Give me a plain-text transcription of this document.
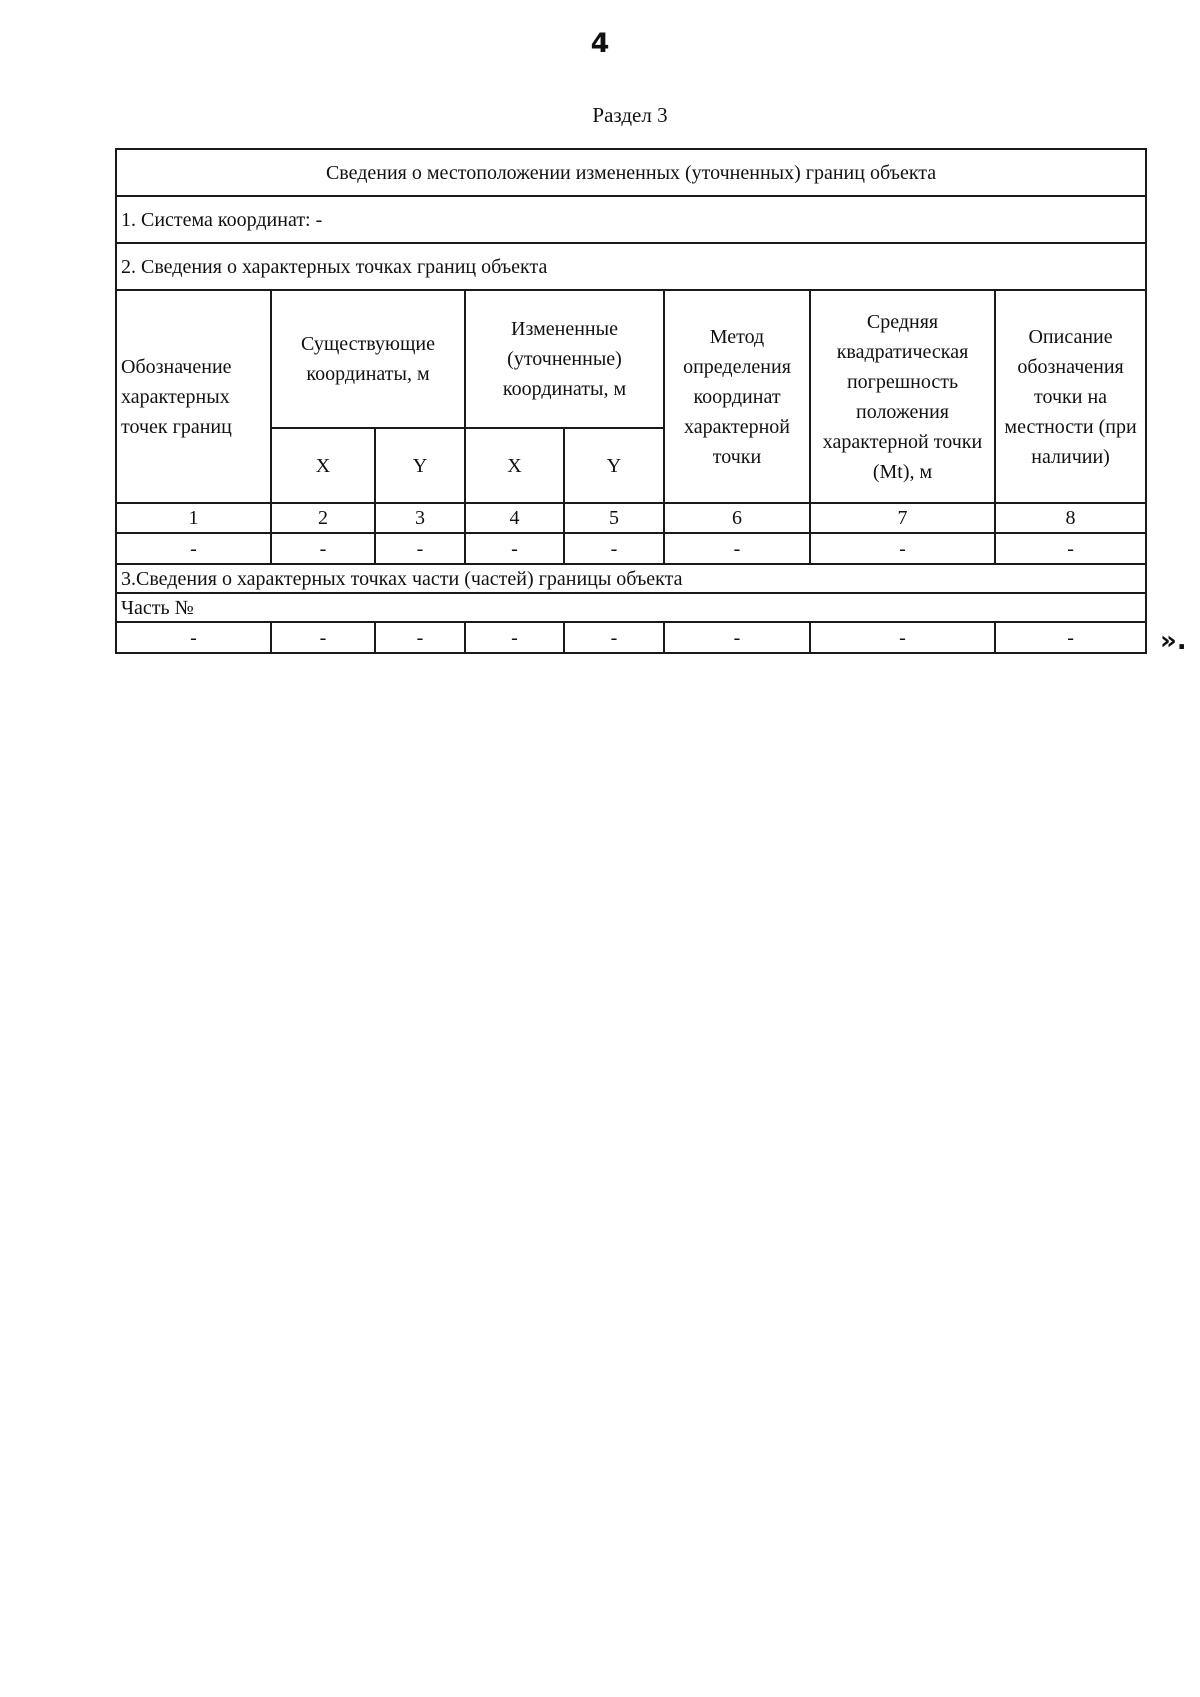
4
Раздел 3
Сведения о местоположении измененных (уточненных) границ объекта							
1. Система координат: -							
2. Сведения о характерных точках границ объекта							
Обозначение характерных точек границ	Существующие координаты, м		Измененные (уточненные) координаты, м		Метод определения координат характерной точки	Средняя квадратическая погрешность положения характерной точки (Mt), м	Описание обозначения точки на местности (при наличии)
	X	Y	X	Y			
1	2	3	4	5	6	7	8
-	-	-	-	-	-	-	-
3.Сведения о характерных точках части (частей) границы объекта							
Часть №							
-	-	-	-	-	-	-	-	».
